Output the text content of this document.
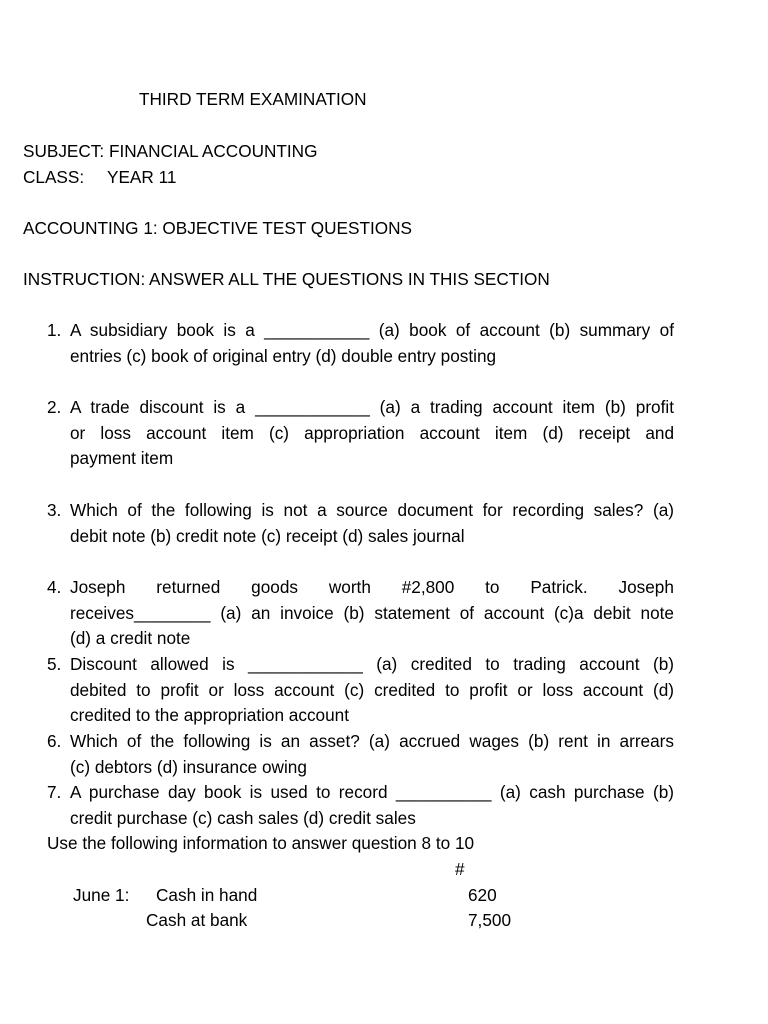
THIRD TERM EXAMINATION
SUBJECT: FINANCIAL ACCOUNTING
CLASS: YEAR 11
ACCOUNTING 1: OBJECTIVE TEST QUESTIONS
INSTRUCTION: ANSWER ALL THE QUESTIONS IN THIS SECTION
1. A subsidiary book is a ___________ (a) book of account (b) summary of
entries (c) book of original entry (d) double entry posting
2. A trade discount is a ____________ (a) a trading account item (b) profit
or loss account item (c) appropriation account item (d) receipt and
payment item
3. Which of the following is not a source document for recording sales? (a)
debit note (b) credit note (c) receipt (d) sales journal
4. Joseph returned goods worth #2,800 to Patrick. Joseph
receives________ (a) an invoice (b) statement of account (c)a debit note
(d) a credit note
5. Discount allowed is ____________ (a) credited to trading account (b)
debited to profit or loss account (c) credited to profit or loss account (d)
credited to the appropriation account
6. Which of the following is an asset? (a) accrued wages (b) rent in arrears
(c) debtors (d) insurance owing
7. A purchase day book is used to record __________ (a) cash purchase (b)
credit purchase (c) cash sales (d) credit sales
Use the following information to answer question 8 to 10
#
June 1: Cash in hand	620
Cash at bank	7,500
